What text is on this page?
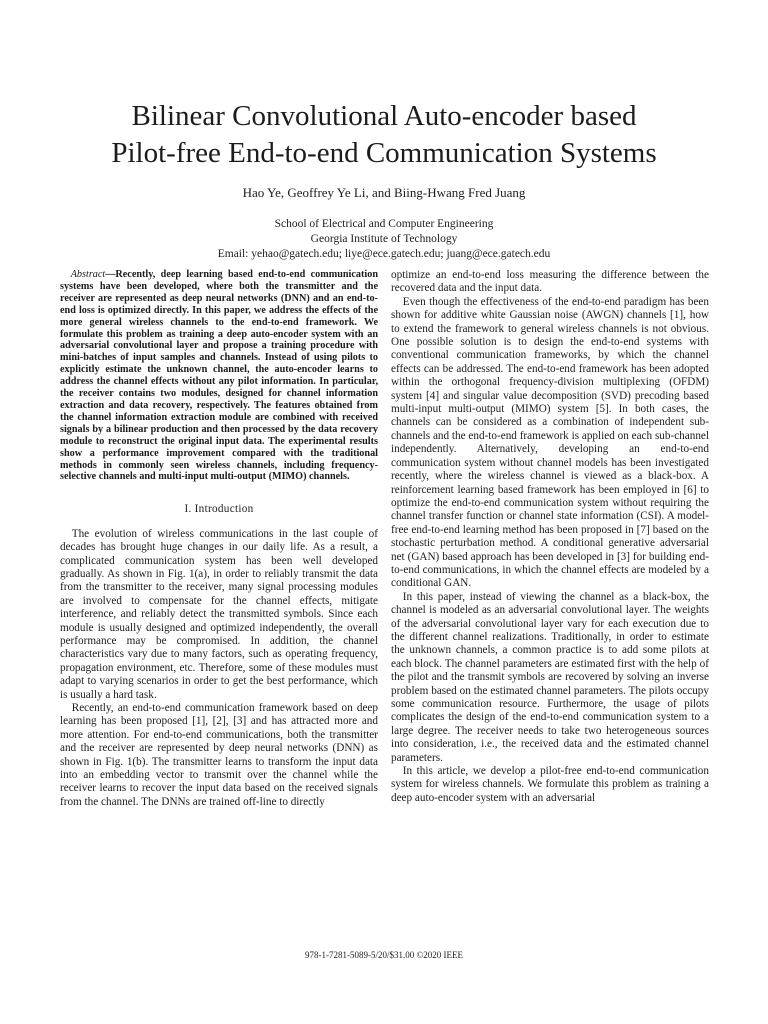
Bilinear Convolutional Auto-encoder based
Pilot-free End-to-end Communication Systems
Hao Ye, Geoffrey Ye Li, and Biing-Hwang Fred Juang
School of Electrical and Computer Engineering
Georgia Institute of Technology
Email: yehao@gatech.edu; liye@ece.gatech.edu; juang@ece.gatech.edu

Abstract—Recently, deep learning based end-to-end communication systems have been developed, where both the transmitter and the receiver are represented as deep neural networks (DNN) and an end-to-end loss is optimized directly. In this paper, we address the effects of the more general wireless channels to the end-to-end framework. We formulate this problem as training a deep auto-encoder system with an adversarial convolutional layer and propose a training procedure with mini-batches of input samples and channels. Instead of using pilots to explicitly estimate the unknown channel, the auto-encoder learns to address the channel effects without any pilot information. In particular, the receiver contains two modules, designed for channel information extraction and data recovery, respectively. The features obtained from the channel information extraction module are combined with received signals by a bilinear production and then processed by the data recovery module to reconstruct the original input data. The experimental results show a performance improvement compared with the traditional methods in commonly seen wireless channels, including frequency-selective channels and multi-input multi-output (MIMO) channels.

I. Introduction

The evolution of wireless communications in the last couple of decades has brought huge changes in our daily life. As a result, a complicated communication system has been well developed gradually. As shown in Fig. 1(a), in order to reliably transmit the data from the transmitter to the receiver, many signal processing modules are involved to compensate for the channel effects, mitigate interference, and reliably detect the transmitted symbols. Since each module is usually designed and optimized independently, the overall performance may be compromised. In addition, the channel characteristics vary due to many factors, such as operating frequency, propagation environment, etc. Therefore, some of these modules must adapt to varying scenarios in order to get the best performance, which is usually a hard task.

Recently, an end-to-end communication framework based on deep learning has been proposed [1], [2], [3] and has attracted more and more attention. For end-to-end communications, both the transmitter and the receiver are represented by deep neural networks (DNN) as shown in Fig. 1(b). The transmitter learns to transform the input data into an embedding vector to transmit over the channel while the receiver learns to recover the input data based on the received signals from the channel. The DNNs are trained off-line to directly

optimize an end-to-end loss measuring the difference between the recovered data and the input data.

Even though the effectiveness of the end-to-end paradigm has been shown for additive white Gaussian noise (AWGN) channels [1], how to extend the framework to general wireless channels is not obvious. One possible solution is to design the end-to-end systems with conventional communication frameworks, by which the channel effects can be addressed. The end-to-end framework has been adopted within the orthogonal frequency-division multiplexing (OFDM) system [4] and singular value decomposition (SVD) precoding based multi-input multi-output (MIMO) system [5]. In both cases, the channels can be considered as a combination of independent sub-channels and the end-to-end framework is applied on each sub-channel independently. Alternatively, developing an end-to-end communication system without channel models has been investigated recently, where the wireless channel is viewed as a black-box. A reinforcement learning based framework has been employed in [6] to optimize the end-to-end communication system without requiring the channel transfer function or channel state information (CSI). A model-free end-to-end learning method has been proposed in [7] based on the stochastic perturbation method. A conditional generative adversarial net (GAN) based approach has been developed in [3] for building end-to-end communications, in which the channel effects are modeled by a conditional GAN.

In this paper, instead of viewing the channel as a black-box, the channel is modeled as an adversarial convolutional layer. The weights of the adversarial convolutional layer vary for each execution due to the different channel realizations. Traditionally, in order to estimate the unknown channels, a common practice is to add some pilots at each block. The channel parameters are estimated first with the help of the pilot and the transmit symbols are recovered by solving an inverse problem based on the estimated channel parameters. The pilots occupy some communication resource. Furthermore, the usage of pilots complicates the design of the end-to-end communication system to a large degree. The receiver needs to take two heterogeneous sources into consideration, i.e., the received data and the estimated channel parameters.

In this article, we develop a pilot-free end-to-end communication system for wireless channels. We formulate this problem as training a deep auto-encoder system with an adversarial

978-1-7281-5089-5/20/$31.00 ©2020 IEEE
